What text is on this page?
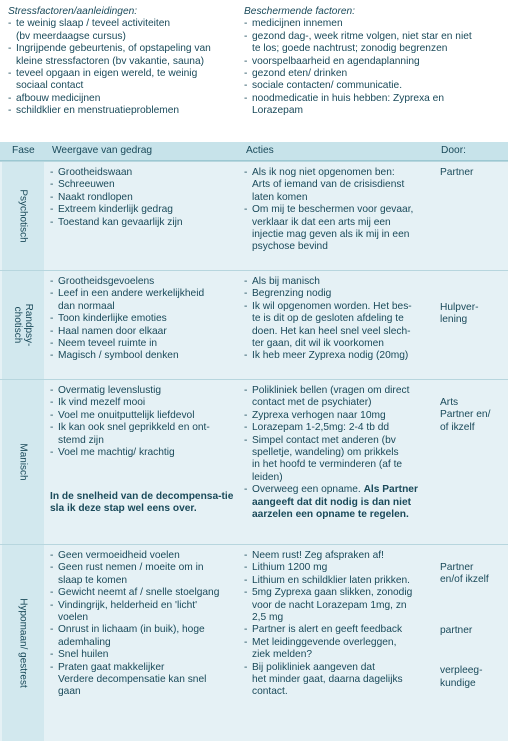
Stressfactoren/aanleidingen:
- te weinig slaap / teveel activiteiten
(bv meerdaagse cursus)
- Ingrijpende gebeurtenis, of opstapeling van
kleine stressfactoren (bv vakantie, sauna)
- teveel opgaan in eigen wereld, te weinig
sociaal contact
- afbouw medicijnen
- schildklier en menstruatieproblemen
Beschermende factoren:
- medicijnen innemen
- gezond dag-, week ritme volgen, niet star en niet
te los; goede nachtrust; zonodig begrenzen
- voorspelbaarheid en agendaplanning
- gezond eten/ drinken
- sociale contacten/ communicatie.
- noodmedicatie in huis hebben: Zyprexa en
Lorazepam
Fase Weergave van gedrag	Acties	Door:
Psychotisch
- Grootheidswaan
- Schreeuwen
- Naakt rondlopen
- Extreem kinderlijk gedrag
- Toestand kan gevaarlijk zijn
- Als ik nog niet opgenomen ben:
Arts of iemand van de crisisdienst
laten komen
- Om mij te beschermen voor gevaar,
verklaar ik dat een arts mij een
injectie mag geven als ik mij in een
psychose bevind
Partner
Randpsy-
chotisch
- Grootheidsgevoelens
- Leef in een andere werkelijkheid
dan normaal
- Toon kinderlijke emoties
- Haal namen door elkaar
- Neem teveel ruimte in
- Magisch / symbool denken
- Als bij manisch
- Begrenzing nodig
- Ik wil opgenomen worden. Het bes-
te is dit op de gesloten afdeling te
doen. Het kan heel snel veel slech-
ter gaan, dit wil ik voorkomen
- Ik heb meer Zyprexa nodig (20mg)
Hulpver-
lening
Manisch
- Overmatig levenslustig
- Ik vind mezelf mooi
- Voel me onuitputtelijk liefdevol
- Ik kan ook snel geprikkeld en ont-
stemd zijn
- Voel me machtig/ krachtig
In de snelheid van de decompensa-tie sla ik deze stap wel eens over.
- Polikliniek bellen (vragen om direct
contact met de psychiater)
- Zyprexa verhogen naar 10mg
- Lorazepam 1-2,5mg: 2-4 tb dd
- Simpel contact met anderen (bv
spelletje, wandeling) om prikkels
in het hoofd te verminderen (af te
leiden)
- Overweeg een opname. Als Partner aangeeft dat dit nodig is dan niet aarzelen een opname te regelen.
Arts
Partner en/
of ikzelf
Hypomaan/ gestrest
- Geen vermoeidheid voelen
- Geen rust nemen / moeite om in
slaap te komen
- Gewicht neemt af / snelle stoelgang
- Vindingrijk, helderheid en 'licht'
voelen
- Onrust in lichaam (in buik), hoge
ademhaling
- Snel huilen
- Praten gaat makkelijker
Verdere decompensatie kan snel
gaan
- Neem rust! Zeg afspraken af!
- Lithium 1200 mg
- Lithium en schildklier laten prikken.
- 5mg Zyprexa gaan slikken, zonodig
voor de nacht Lorazepam 1mg, zn
2,5 mg
- Partner is alert en geeft feedback
- Met leidinggevende overleggen,
ziek melden?
- Bij polikliniek aangeven dat
het minder gaat, daarna dagelijks
contact.
Partner
en/of ikzelf
partner
verpleeg-
kundige
